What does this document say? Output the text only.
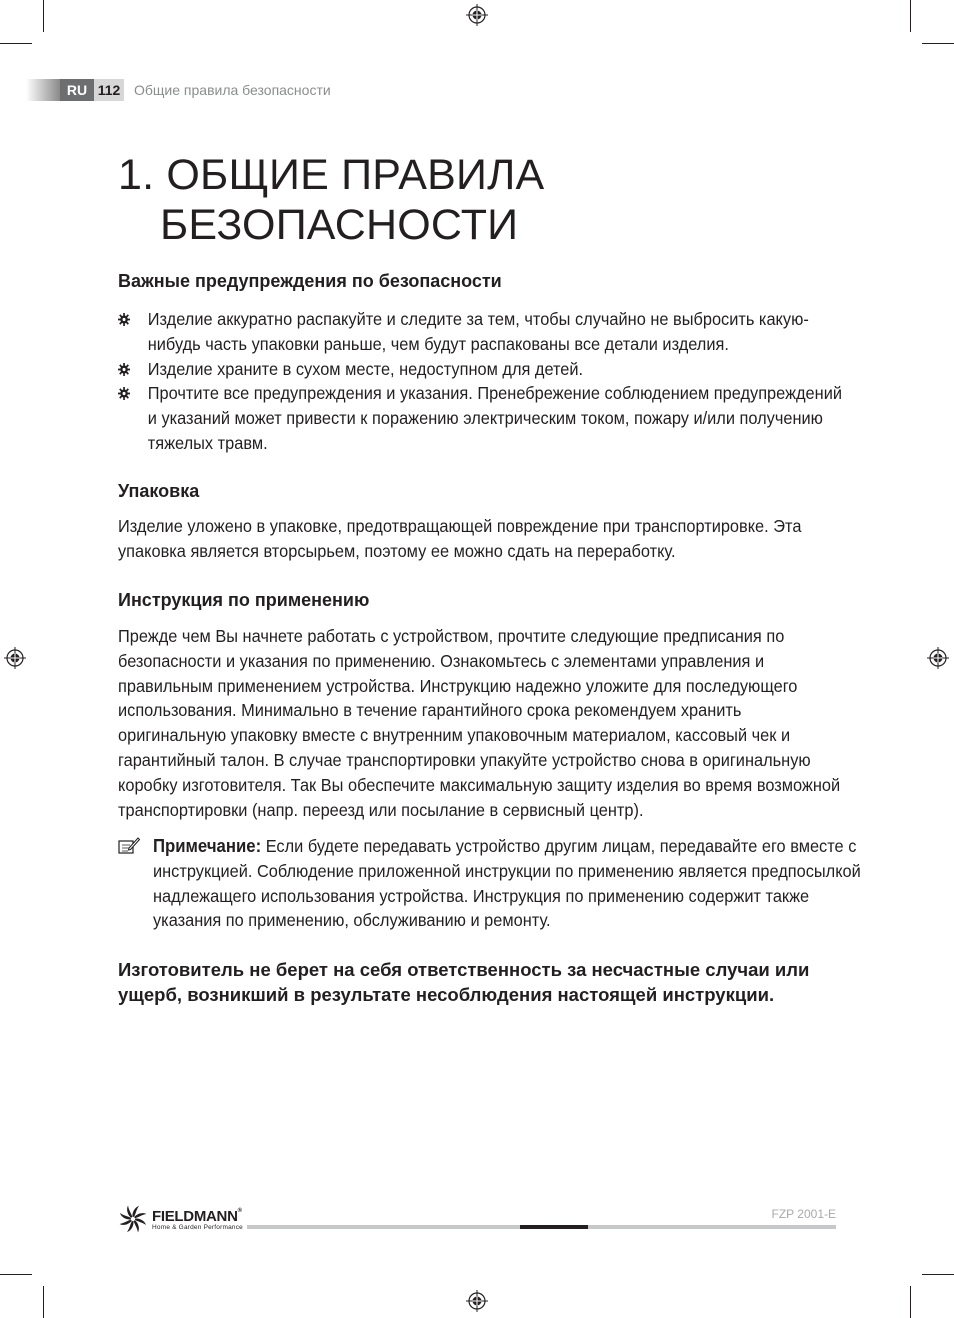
RU 112 Общие правила безопасности
1. ОБЩИЕ ПРАВИЛА
БЕЗОПАСНОСТИ
Важные предупреждения по безопасности
Изделие аккуратно распакуйте и следите за тем, чтобы случайно не выбросить какую-нибудь часть упаковки раньше, чем будут распакованы все детали изделия.
Изделие храните в сухом месте, недоступном для детей.
Прочтите все предупреждения и указания. Пренебрежение соблюдением предупреждений и указаний может привести к поражению электрическим током, пожару и/или получению тяжелых травм.
Упаковка
Изделие уложено в упаковке, предотвращающей повреждение при транспортировке. Эта упаковка является вторсырьем, поэтому ее можно сдать на переработку.
Инструкция по применению
Прежде чем Вы начнете работать с устройством, прочтите следующие предписания по безопасности и указания по применению. Ознакомьтесь с элементами управления и правильным применением устройства. Инструкцию надежно уложите для последующего использования. Минимально в течение гарантийного срока рекомендуем хранить оригинальную упаковку вместе с внутренним упаковочным материалом, кассовый чек и гарантийный талон. В случае транспортировки упакуйте устройство снова в оригинальную коробку изготовителя. Так Вы обеспечите максимальную защиту изделия во время возможной транспортировки (напр. переезд или посылание в сервисный центр).
Примечание: Если будете передавать устройство другим лицам, передавайте его вместе с инструкцией. Соблюдение приложенной инструкции по применению является предпосылкой надлежащего использования устройства. Инструкция по применению содержит также указания по применению, обслуживанию и ремонту.
Изготовитель не берет на себя ответственность за несчастные случаи или ущерб, возникший в результате несоблюдения настоящей инструкции.
FIELDMANN®
Home & Garden Performance
FZP 2001-E
